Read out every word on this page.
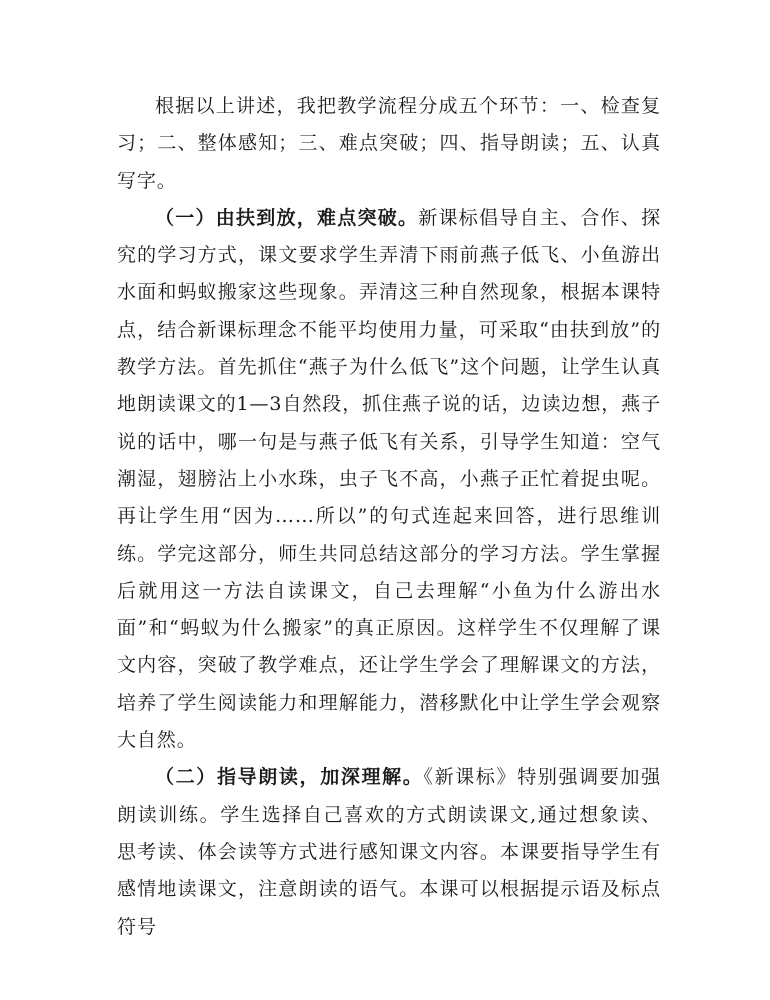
根据以上讲述，我把教学流程分成五个环节：一、检查复习；二、整体感知；三、难点突破；四、指导朗读；五、认真写字。

（一）由扶到放，难点突破。新课标倡导自主、合作、探究的学习方式，课文要求学生弄清下雨前燕子低飞、小鱼游出水面和蚂蚁搬家这些现象。弄清这三种自然现象，根据本课特点，结合新课标理念不能平均使用力量，可采取“由扶到放”的教学方法。首先抓住“燕子为什么低飞”这个问题，让学生认真地朗读课文的1—3自然段，抓住燕子说的话，边读边想，燕子说的话中，哪一句是与燕子低飞有关系，引导学生知道：空气潮湿，翅膀沾上小水珠，虫子飞不高，小燕子正忙着捉虫呢。再让学生用“因为……所以”的句式连起来回答，进行思维训练。学完这部分，师生共同总结这部分的学习方法。学生掌握后就用这一方法自读课文，自己去理解“小鱼为什么游出水面”和“蚂蚁为什么搬家”的真正原因。这样学生不仅理解了课文内容，突破了教学难点，还让学生学会了理解课文的方法，培养了学生阅读能力和理解能力，潜移默化中让学生学会观察大自然。

（二）指导朗读，加深理解。《新课标》特别强调要加强朗读训练。学生选择自己喜欢的方式朗读课文,通过想象读、思考读、体会读等方式进行感知课文内容。本课要指导学生有感情地读课文，注意朗读的语气。本课可以根据提示语及标点符号
